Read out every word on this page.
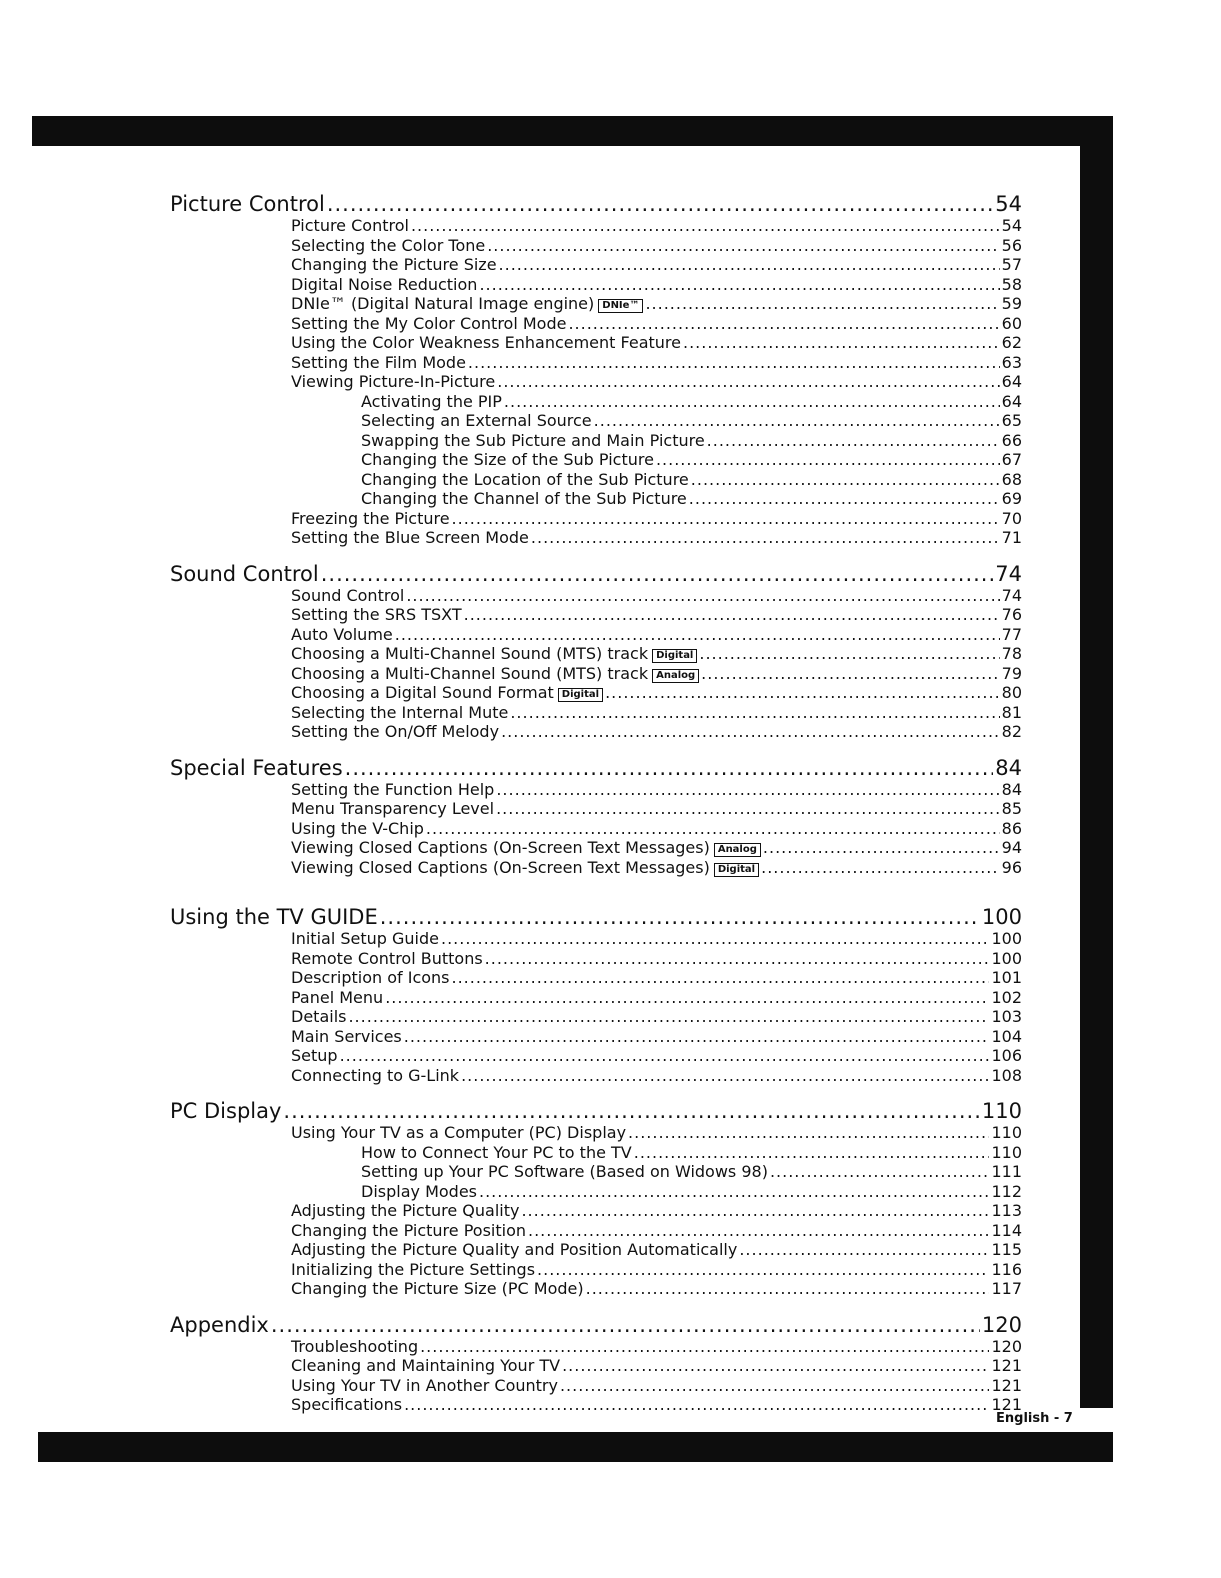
Picture Control .....	54
Picture Control .....	54
Selecting the Color Tone .....	56
Changing the Picture Size .....	57
Digital Noise Reduction .....	58
DNIe™ (Digital Natural Image engine) DNIe™ .....	59
Setting the My Color Control Mode .....	60
Using the Color Weakness Enhancement Feature .....	62
Setting the Film Mode .....	63
Viewing Picture-In-Picture .....	64
Activating the PIP .....	64
Selecting an External Source .....	65
Swapping the Sub Picture and Main Picture .....	66
Changing the Size of the Sub Picture .....	67
Changing the Location of the Sub Picture .....	68
Changing the Channel of the Sub Picture .....	69
Freezing the Picture .....	70
Setting the Blue Screen Mode .....	71
Sound Control .....	74
Sound Control .....	74
Setting the SRS TSXT .....	76
Auto Volume .....	77
Choosing a Multi-Channel Sound (MTS) track Digital .....	78
Choosing a Multi-Channel Sound (MTS) track Analog .....	79
Choosing a Digital Sound Format Digital .....	80
Selecting the Internal Mute .....	81
Setting the On/Off Melody .....	82
Special Features .....	84
Setting the Function Help .....	84
Menu Transparency Level .....	85
Using the V-Chip .....	86
Viewing Closed Captions (On-Screen Text Messages) Analog .....	94
Viewing Closed Captions (On-Screen Text Messages) Digital .....	96
Using the TV GUIDE .....	100
Initial Setup Guide .....	100
Remote Control Buttons .....	100
Description of Icons .....	101
Panel Menu .....	102
Details .....	103
Main Services .....	104
Setup .....	106
Connecting to G-Link .....	108
PC Display .....	110
Using Your TV as a Computer (PC) Display .....	110
How to Connect Your PC to the TV .....	110
Setting up Your PC Software (Based on Widows 98) .....	111
Display Modes .....	112
Adjusting the Picture Quality .....	113
Changing the Picture Position .....	114
Adjusting the Picture Quality and Position Automatically .....	115
Initializing the Picture Settings .....	116
Changing the Picture Size (PC Mode) .....	117
Appendix .....	120
Troubleshooting .....	120
Cleaning and Maintaining Your TV .....	121
Using Your TV in Another Country .....	121
Specifications .....	121
English - 7
